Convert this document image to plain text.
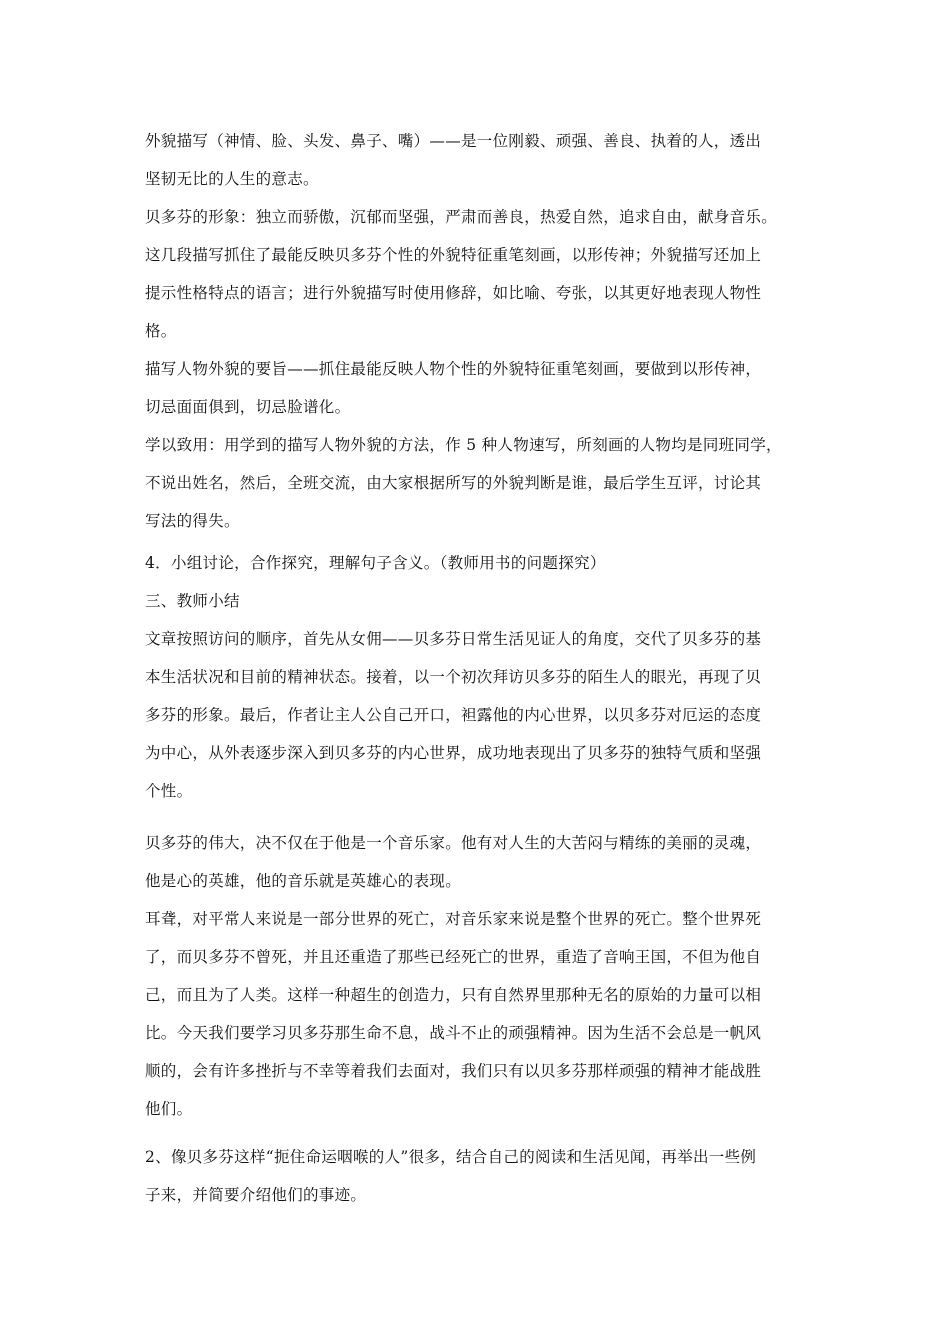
外貌描写（神情、脸、头发、鼻子、嘴）——是一位刚毅、顽强、善良、执着的人，透出
坚韧无比的人生的意志。

贝多芬的形象：独立而骄傲，沉郁而坚强，严肃而善良，热爱自然，追求自由，献身音乐。

这几段描写抓住了最能反映贝多芬个性的外貌特征重笔刻画，以形传神；外貌描写还加上
提示性格特点的语言；进行外貌描写时使用修辞，如比喻、夸张，以其更好地表现人物性
格。

描写人物外貌的要旨——抓住最能反映人物个性的外貌特征重笔刻画，要做到以形传神，
切忌面面俱到，切忌脸谱化。

学以致用：用学到的描写人物外貌的方法，作 5 种人物速写，所刻画的人物均是同班同学，
不说出姓名，然后，全班交流，由大家根据所写的外貌判断是谁，最后学生互评，讨论其
写法的得失。

4．小组讨论，合作探究，理解句子含义。（教师用书的问题探究）

三、教师小结

文章按照访问的顺序，首先从女佣——贝多芬日常生活见证人的角度，交代了贝多芬的基
本生活状况和目前的精神状态。接着，以一个初次拜访贝多芬的陌生人的眼光，再现了贝
多芬的形象。最后，作者让主人公自己开口，袒露他的内心世界，以贝多芬对厄运的态度
为中心，从外表逐步深入到贝多芬的内心世界，成功地表现出了贝多芬的独特气质和坚强
个性。

贝多芬的伟大，决不仅在于他是一个音乐家。他有对人生的大苦闷与精练的美丽的灵魂，
他是心的英雄，他的音乐就是英雄心的表现。

耳聋，对平常人来说是一部分世界的死亡，对音乐家来说是整个世界的死亡。整个世界死
了，而贝多芬不曾死，并且还重造了那些已经死亡的世界，重造了音响王国，不但为他自
己，而且为了人类。这样一种超生的创造力，只有自然界里那种无名的原始的力量可以相
比。今天我们要学习贝多芬那生命不息，战斗不止的顽强精神。因为生活不会总是一帆风
顺的，会有许多挫折与不幸等着我们去面对，我们只有以贝多芬那样顽强的精神才能战胜
他们。

2、像贝多芬这样“扼住命运咽喉的人”很多，结合自己的阅读和生活见闻，再举出一些例
子来，并简要介绍他们的事迹。
